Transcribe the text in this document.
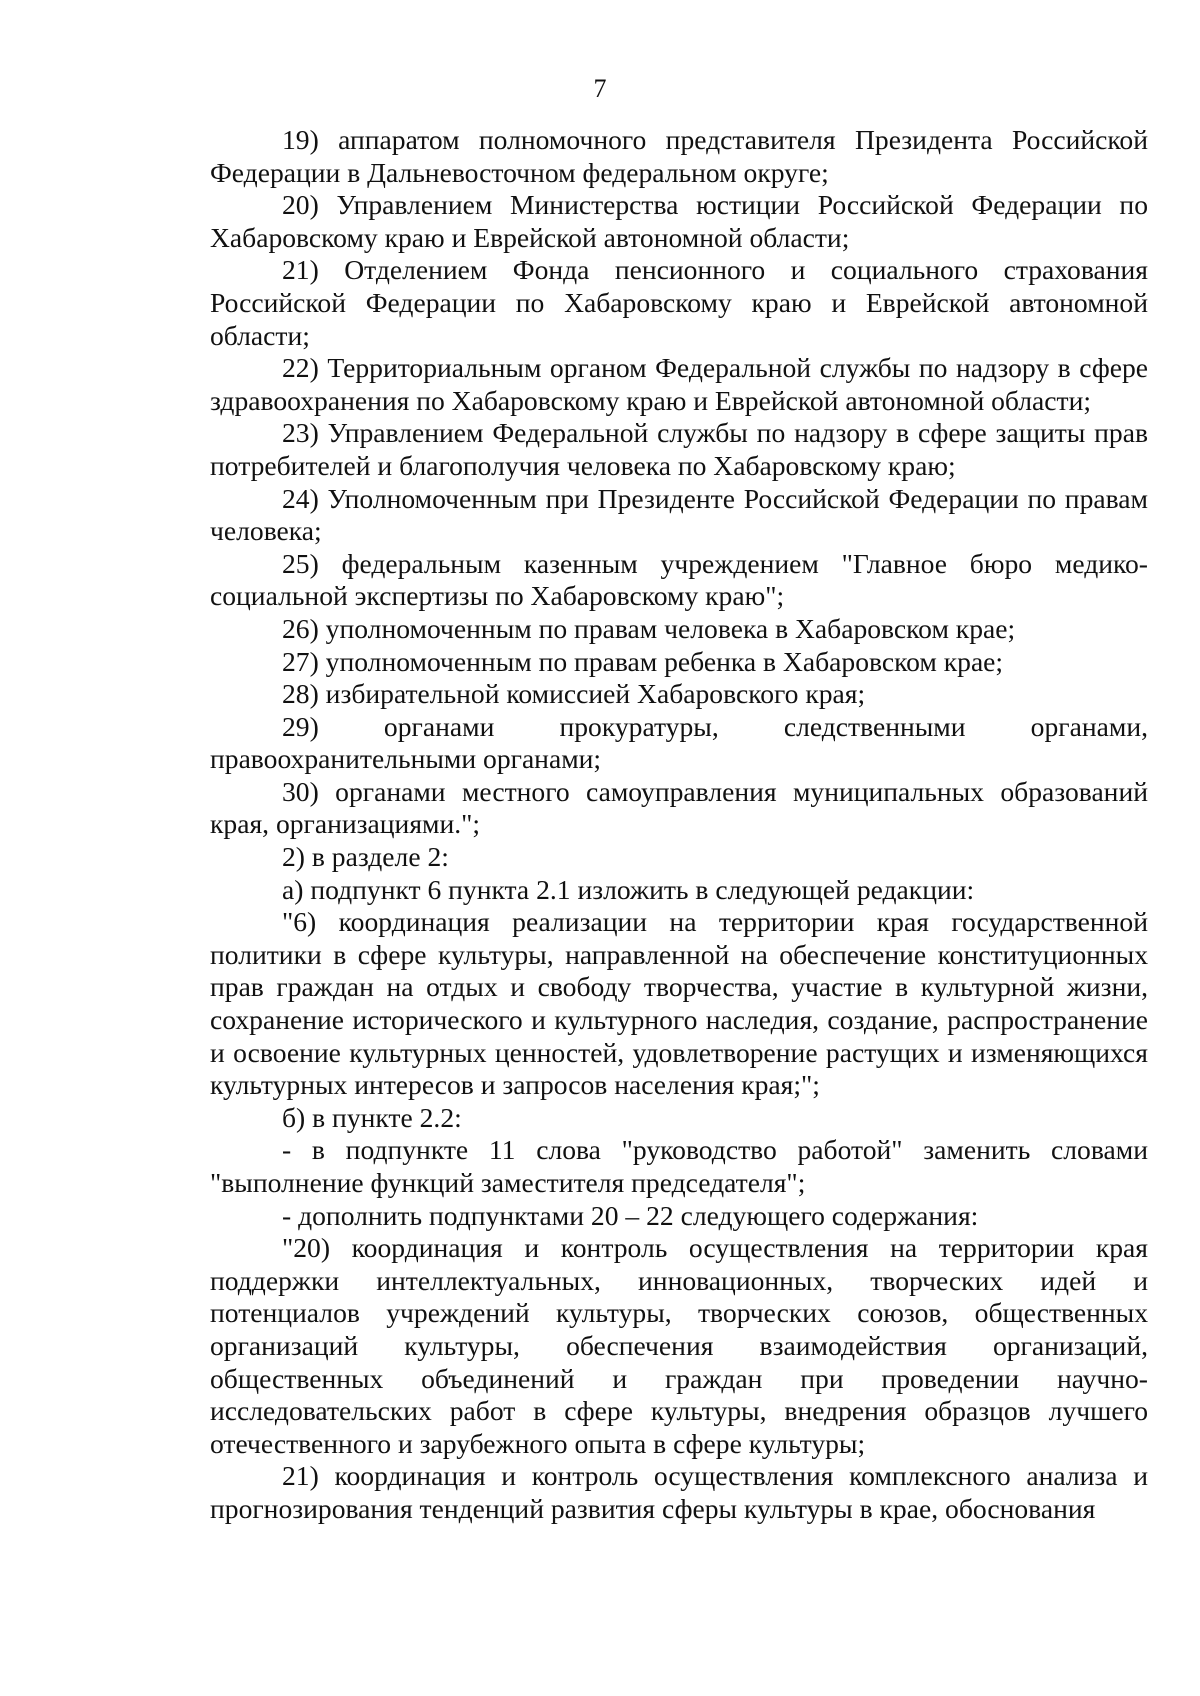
7

19) аппаратом полномочного представителя Президента Российской Федерации в Дальневосточном федеральном округе;

20) Управлением Министерства юстиции Российской Федерации по Хабаровскому краю и Еврейской автономной области;

21) Отделением Фонда пенсионного и социального страхования Российской Федерации по Хабаровскому краю и Еврейской автономной области;

22) Территориальным органом Федеральной службы по надзору в сфере здравоохранения по Хабаровскому краю и Еврейской автономной области;

23) Управлением Федеральной службы по надзору в сфере защиты прав потребителей и благополучия человека по Хабаровскому краю;

24) Уполномоченным при Президенте Российской Федерации по правам человека;

25) федеральным казенным учреждением "Главное бюро медико-социальной экспертизы по Хабаровскому краю";

26) уполномоченным по правам человека в Хабаровском крае;

27) уполномоченным по правам ребенка в Хабаровском крае;

28) избирательной комиссией Хабаровского края;

29) органами прокуратуры, следственными органами, правоохранительными органами;

30) органами местного самоуправления муниципальных образований края, организациями.";

2) в разделе 2:

а) подпункт 6 пункта 2.1 изложить в следующей редакции:

"6) координация реализации на территории края государственной политики в сфере культуры, направленной на обеспечение конституционных прав граждан на отдых и свободу творчества, участие в культурной жизни, сохранение исторического и культурного наследия, создание, распространение и освоение культурных ценностей, удовлетворение растущих и изменяющихся культурных интересов и запросов населения края;";

б) в пункте 2.2:

- в подпункте 11 слова "руководство работой" заменить словами "выполнение функций заместителя председателя";

- дополнить подпунктами 20 – 22 следующего содержания:

"20) координация и контроль осуществления на территории края поддержки интеллектуальных, инновационных, творческих идей и потенциалов учреждений культуры, творческих союзов, общественных организаций культуры, обеспечения взаимодействия организаций, общественных объединений и граждан при проведении научно-исследовательских работ в сфере культуры, внедрения образцов лучшего отечественного и зарубежного опыта в сфере культуры;

21) координация и контроль осуществления комплексного анализа и прогнозирования тенденций развития сферы культуры в крае, обоснования
